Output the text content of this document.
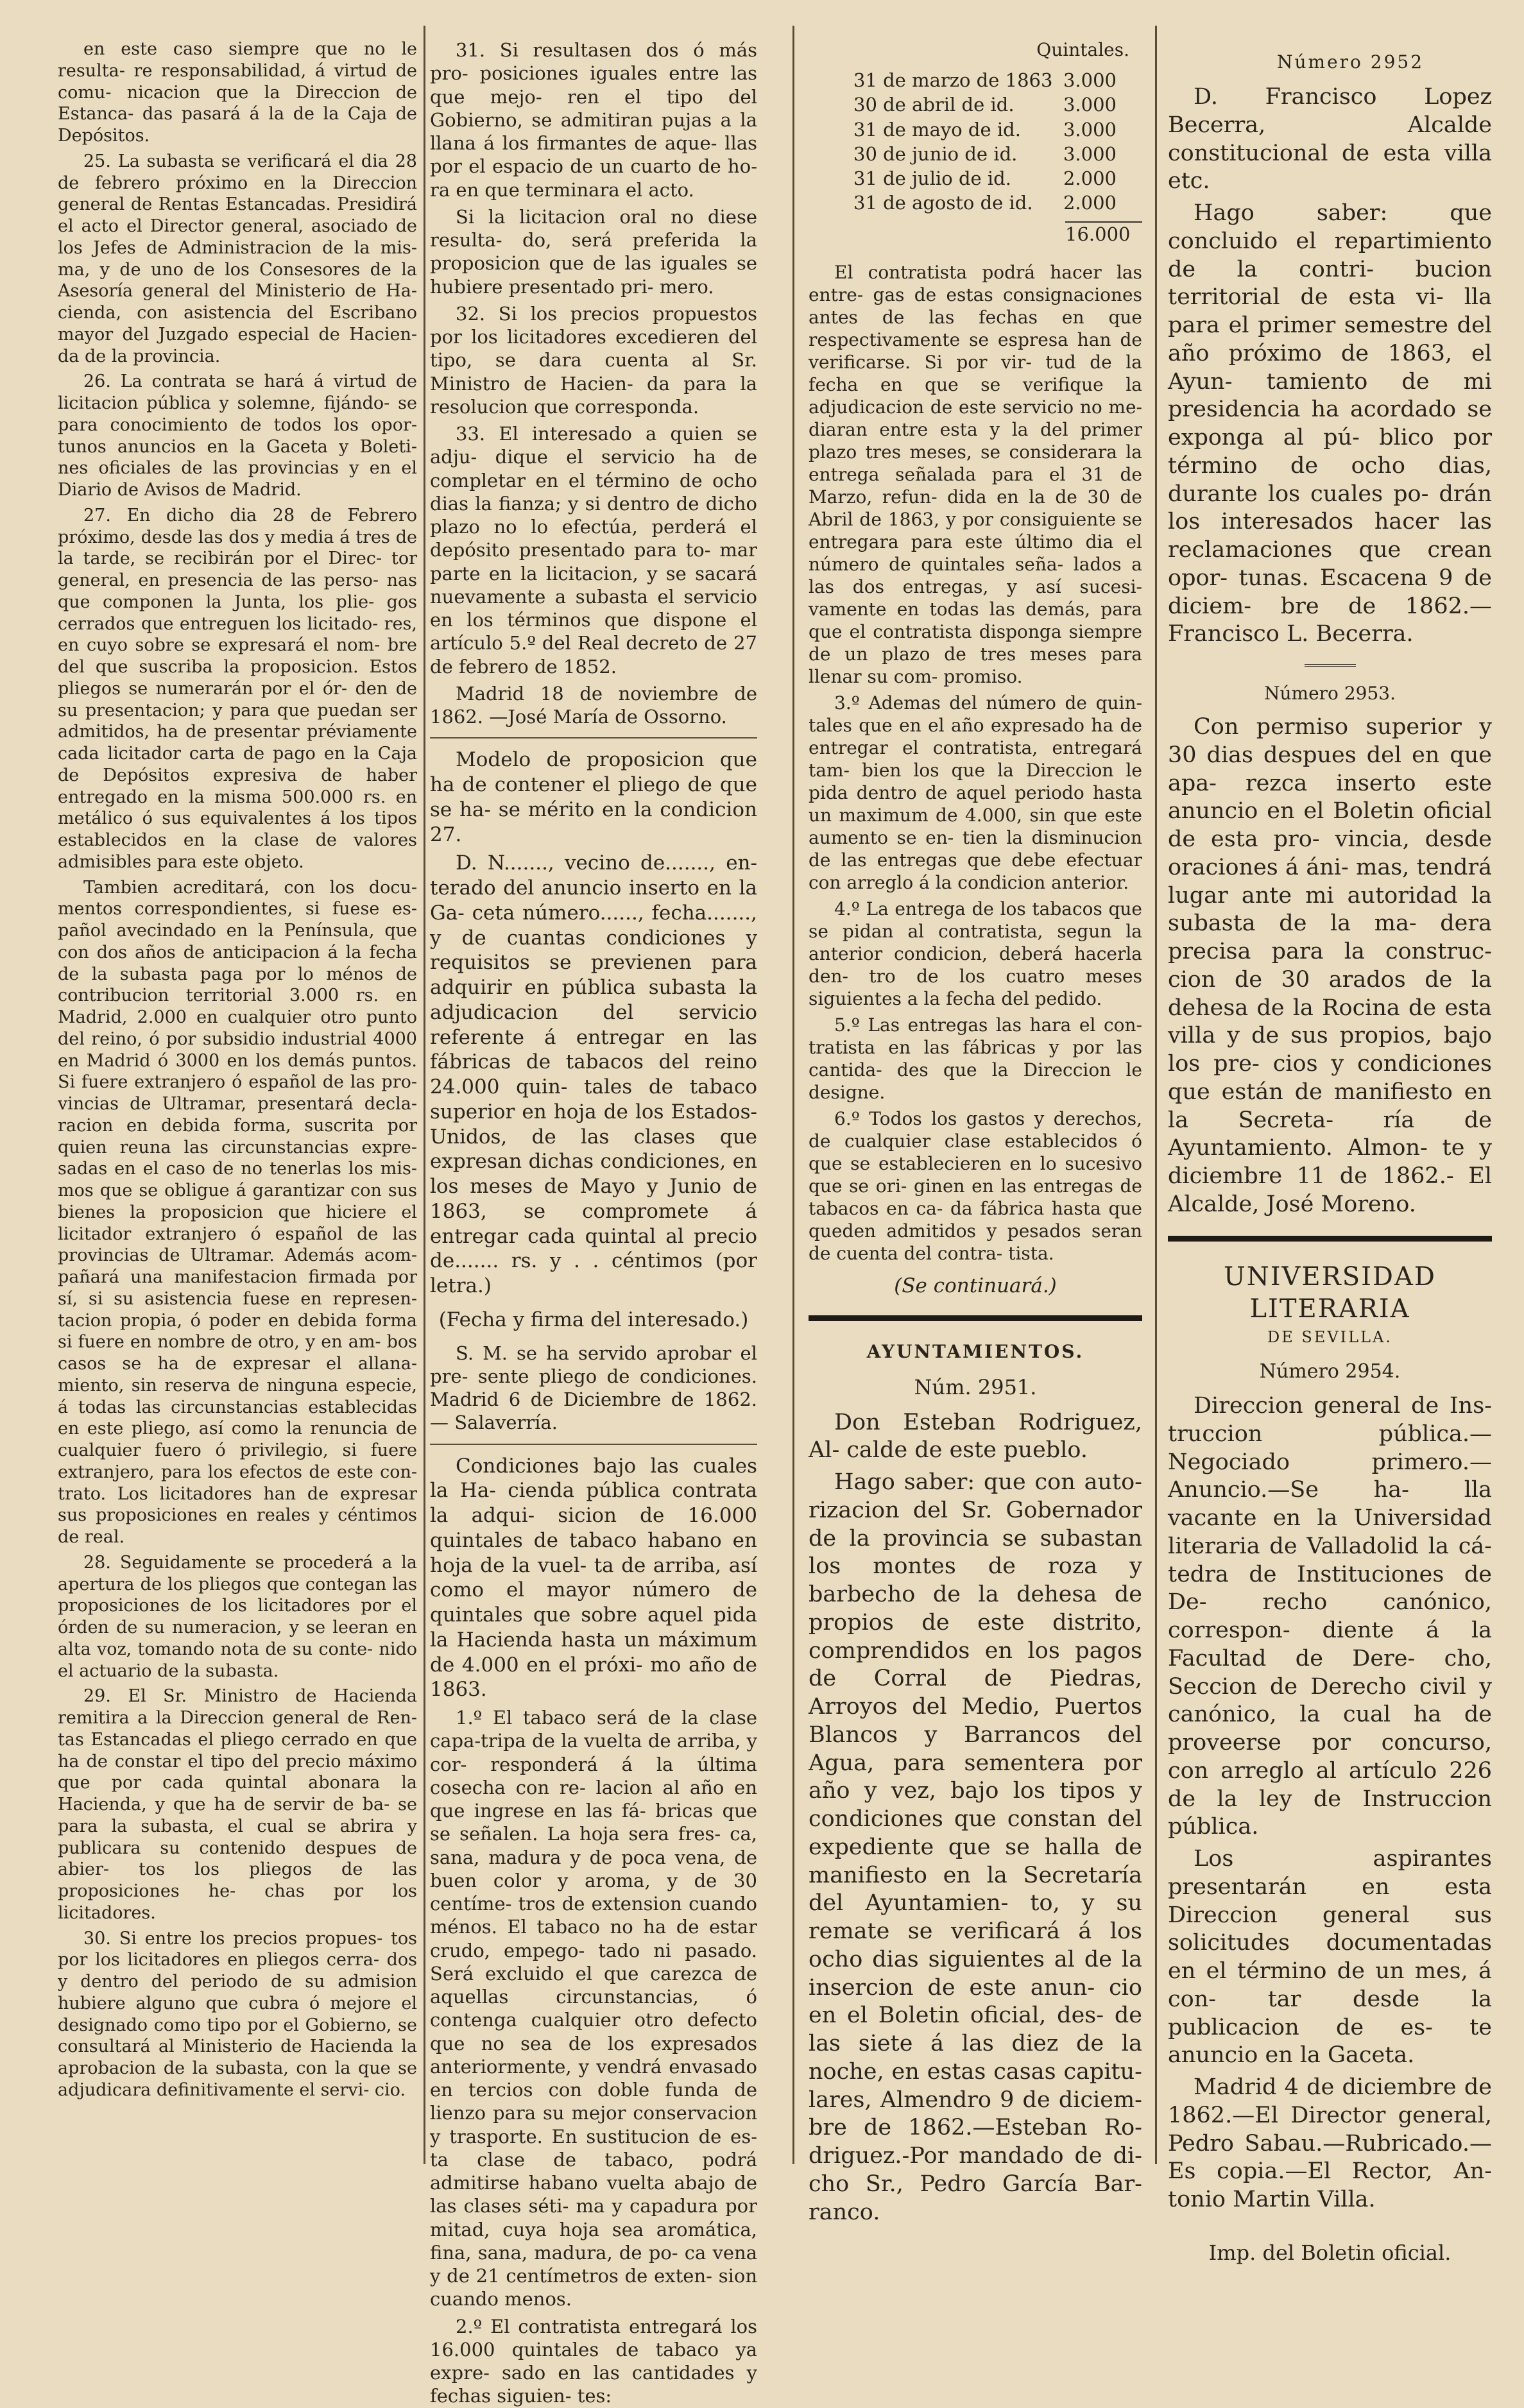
Número 2952

en este caso siempre que no le resulta- re responsabilidad, á virtud de comu- nicacion que la Direccion de Estanca- das pasará á la de la Caja de Depósitos.

25. La subasta se verificará el dia 28 de febrero próximo en la Direccion general de Rentas Estancadas. Presidirá el acto el Director general, asociado de los Jefes de Administracion de la mis- ma, y de uno de los Consesores de la Asesoría general del Ministerio de Ha- cienda, con asistencia del Escribano mayor del Juzgado especial de Hacien- da de la provincia.

26. La contrata se hará á virtud de licitacion pública y solemne, fijándo- se para conocimiento de todos los opor- tunos anuncios en la Gaceta y Boleti- nes oficiales de las provincias y en el Diario de Avisos de Madrid.

27. En dicho dia 28 de Febrero próximo, desde las dos y media á tres de la tarde, se recibirán por el Direc- tor general, en presencia de las perso- nas que componen la Junta, los plie- gos cerrados que entreguen los licitado- res, en cuyo sobre se expresará el nom- bre del que suscriba la proposicion. Estos pliegos se numerarán por el ór- den de su presentacion; y para que puedan ser admitidos, ha de presentar préviamente cada licitador carta de pago en la Caja de Depósitos expresiva de haber entregado en la misma 500.000 rs. en metálico ó sus equivalentes á los tipos establecidos en la clase de valores admisibles para este objeto.

Tambien acreditará, con los docu- mentos correspondientes, si fuese es- pañol avecindado en la Península, que con dos años de anticipacion á la fecha de la subasta paga por lo ménos de contribucion territorial 3.000 rs. en Madrid, 2.000 en cualquier otro punto del reino, ó por subsidio industrial 4000 en Madrid ó 3000 en los demás puntos. Si fuere extranjero ó español de las pro- vincias de Ultramar, presentará decla- racion en debida forma, suscrita por quien reuna las circunstancias expre- sadas en el caso de no tenerlas los mis- mos que se obligue á garantizar con sus bienes la proposicion que hiciere el licitador extranjero ó español de las provincias de Ultramar. Además acom- pañará una manifestacion firmada por sí, si su asistencia fuese en represen- tacion propia, ó poder en debida forma si fuere en nombre de otro, y en am- bos casos se ha de expresar el allana- miento, sin reserva de ninguna especie, á todas las circunstancias establecidas en este pliego, así como la renuncia de cualquier fuero ó privilegio, si fuere extranjero, para los efectos de este con- trato. Los licitadores han de expresar sus proposiciones en reales y céntimos de real.

28. Seguidamente se procederá a la apertura de los pliegos que contegan las proposiciones de los licitadores por el órden de su numeracion, y se leeran en alta voz, tomando nota de su conte- nido el actuario de la subasta.

29. El Sr. Ministro de Hacienda remitira a la Direccion general de Ren- tas Estancadas el pliego cerrado en que ha de constar el tipo del precio máximo que por cada quintal abonara la Hacienda, y que ha de servir de ba- se para la subasta, el cual se abrira y publicara su contenido despues de abier- tos los pliegos de las proposiciones he- chas por los licitadores.

30. Si entre los precios propues- tos por los licitadores en pliegos cerra- dos y dentro del periodo de su admision hubiere alguno que cubra ó mejore el designado como tipo por el Gobierno, se consultará al Ministerio de Hacienda la aprobacion de la subasta, con la que se adjudicara definitivamente el servi- cio.

31. Si resultasen dos ó más pro- posiciones iguales entre las que mejo- ren el tipo del Gobierno, se admitiran pujas a la llana á los firmantes de aque- llas por el espacio de un cuarto de ho- ra en que terminara el acto.

Si la licitacion oral no diese resulta- do, será preferida la proposicion que de las iguales se hubiere presentado pri- mero.

32. Si los precios propuestos por los licitadores excedieren del tipo, se dara cuenta al Sr. Ministro de Hacien- da para la resolucion que corresponda.

33. El interesado a quien se adju- dique el servicio ha de completar en el término de ocho dias la fianza; y si dentro de dicho plazo no lo efectúa, perderá el depósito presentado para to- mar parte en la licitacion, y se sacará nuevamente a subasta el servicio en los términos que dispone el artículo 5.º del Real decreto de 27 de febrero de 1852.

Madrid 18 de noviembre de 1862. —José María de Ossorno.

Modelo de proposicion que ha de contener el pliego de que se ha- se mérito en la condicion 27.

D. N......., vecino de......., en- terado del anuncio inserto en la Ga- ceta número......, fecha......., y de cuantas condiciones y requisitos se previenen para adquirir en pública subasta la adjudicacion del servicio referente á entregar en las fábricas de tabacos del reino 24.000 quin- tales de tabaco superior en hoja de los Estados-Unidos, de las clases que expresan dichas condiciones, en los meses de Mayo y Junio de 1863, se compromete á entregar cada quintal al precio de....... rs. y . . céntimos (por letra.)

(Fecha y firma del interesado.)

S. M. se ha servido aprobar el pre- sente pliego de condiciones. Madrid 6 de Diciembre de 1862. — Salaverría.

Condiciones bajo las cuales la Ha- cienda pública contrata la adqui- sicion de 16.000 quintales de tabaco habano en hoja de la vuel- ta de arriba, así como el mayor número de quintales que sobre aquel pida la Hacienda hasta un máximum de 4.000 en el próxi- mo año de 1863.

1.º El tabaco será de la clase capa-tripa de la vuelta de arriba, y cor- responderá á la última cosecha con re- lacion al año en que ingrese en las fá- bricas que se señalen. La hoja sera fres- ca, sana, madura y de poca vena, de buen color y aroma, y de 30 centíme- tros de extension cuando ménos. El tabaco no ha de estar crudo, empego- tado ni pasado. Será excluido el que carezca de aquellas circunstancias, ó contenga cualquier otro defecto que no sea de los expresados anteriormente, y vendrá envasado en tercios con doble funda de lienzo para su mejor conservacion y trasporte. En sustitucion de es- ta clase de tabaco, podrá admitirse habano vuelta abajo de las clases séti- ma y capadura por mitad, cuya hoja sea aromática, fina, sana, madura, de po- ca vena y de 21 centímetros de exten- sion cuando menos.

2.º El contratista entregará los 16.000 quintales de tabaco ya expre- sado en las cantidades y fechas siguien- tes:

Quintales.
31 de marzo de 1863 3.000
30 de abril de id.	3.000
31 de mayo de id. 3.000
30 de junio de id. 3.000
31 de julio de id.	2.000
31 de agosto de id. 2.000
16.000

El contratista podrá hacer las entre- gas de estas consignaciones antes de las fechas en que respectivamente se espresa han de verificarse. Si por vir- tud de la fecha en que se verifique la adjudicacion de este servicio no me- diaran entre esta y la del primer plazo tres meses, se considerara la entrega señalada para el 31 de Marzo, refun- dida en la de 30 de Abril de 1863, y por consiguiente se entregara para este último dia el número de quintales seña- lados a las dos entregas, y así sucesi- vamente en todas las demás, para que el contratista disponga siempre de un plazo de tres meses para llenar su com- promiso.

3.º Ademas del número de quin- tales que en el año expresado ha de entregar el contratista, entregará tam- bien los que la Direccion le pida dentro de aquel periodo hasta un maximum de 4.000, sin que este aumento se en- tien la disminucion de las entregas que debe efectuar con arreglo á la condicion anterior.

4.º La entrega de los tabacos que se pidan al contratista, segun la anterior condicion, deberá hacerla den- tro de los cuatro meses siguientes a la fecha del pedido.

5.º Las entregas las hara el con- tratista en las fábricas y por las cantida- des que la Direccion le designe.

6.º Todos los gastos y derechos, de cualquier clase establecidos ó que se establecieren en lo sucesivo que se ori- ginen en las entregas de tabacos en ca- da fábrica hasta que queden admitidos y pesados seran de cuenta del contra- tista.

(Se continuará.)

AYUNTAMIENTOS.

Núm. 2951.

Don Esteban Rodriguez, Al- calde de este pueblo.

Hago saber: que con auto- rizacion del Sr. Gobernador de la provincia se subastan los montes de roza y barbecho de la dehesa de propios de este distrito, comprendidos en los pagos de Corral de Piedras, Arroyos del Medio, Puertos Blancos y Barrancos del Agua, para sementera por año y vez, bajo los tipos y condiciones que constan del expediente que se halla de manifiesto en la Secretaría del Ayuntamien- to, y su remate se verificará á los ocho dias siguientes al de la insercion de este anun- cio en el Boletin oficial, des- de las siete á las diez de la noche, en estas casas capitu- lares, Almendro 9 de diciem- bre de 1862.—Esteban Ro- driguez.-Por mandado de di- cho Sr., Pedro García Bar- ranco.

D. Francisco Lopez Becerra, Alcalde constitucional de esta villa etc.

Hago saber: que concluido el repartimiento de la contri- bucion territorial de esta vi- lla para el primer semestre del año próximo de 1863, el Ayun- tamiento de mi presidencia ha acordado se exponga al pú- blico por término de ocho dias, durante los cuales po- drán los interesados hacer las reclamaciones que crean opor- tunas. Escacena 9 de diciem- bre de 1862.—Francisco L. Becerra.

Número 2953.

Con permiso superior y 30 dias despues del en que apa- rezca inserto este anuncio en el Boletin oficial de esta pro- vincia, desde oraciones á áni- mas, tendrá lugar ante mi autoridad la subasta de la ma- dera precisa para la construc- cion de 30 arados de la dehesa de la Rocina de esta villa y de sus propios, bajo los pre- cios y condiciones que están de manifiesto en la Secreta- ría de Ayuntamiento. Almon- te y diciembre 11 de 1862.- El Alcalde, José Moreno.

UNIVERSIDAD LITERARIA
DE SEVILLA.

Número 2954.

Direccion general de Ins- truccion pública.—Negociado primero.—Anuncio.—Se ha- lla vacante en la Universidad literaria de Valladolid la cá- tedra de Instituciones de De- recho canónico, correspon- diente á la Facultad de Dere- cho, Seccion de Derecho civil y canónico, la cual ha de proveerse por concurso, con arreglo al artículo 226 de la ley de Instruccion pública.

Los aspirantes presentarán en esta Direccion general sus solicitudes documentadas en el término de un mes, á con- tar desde la publicacion de es- te anuncio en la Gaceta.

Madrid 4 de diciembre de 1862.—El Director general, Pedro Sabau.—Rubricado.— Es copia.—El Rector, An- tonio Martin Villa.

Imp. del Boletin oficial.
